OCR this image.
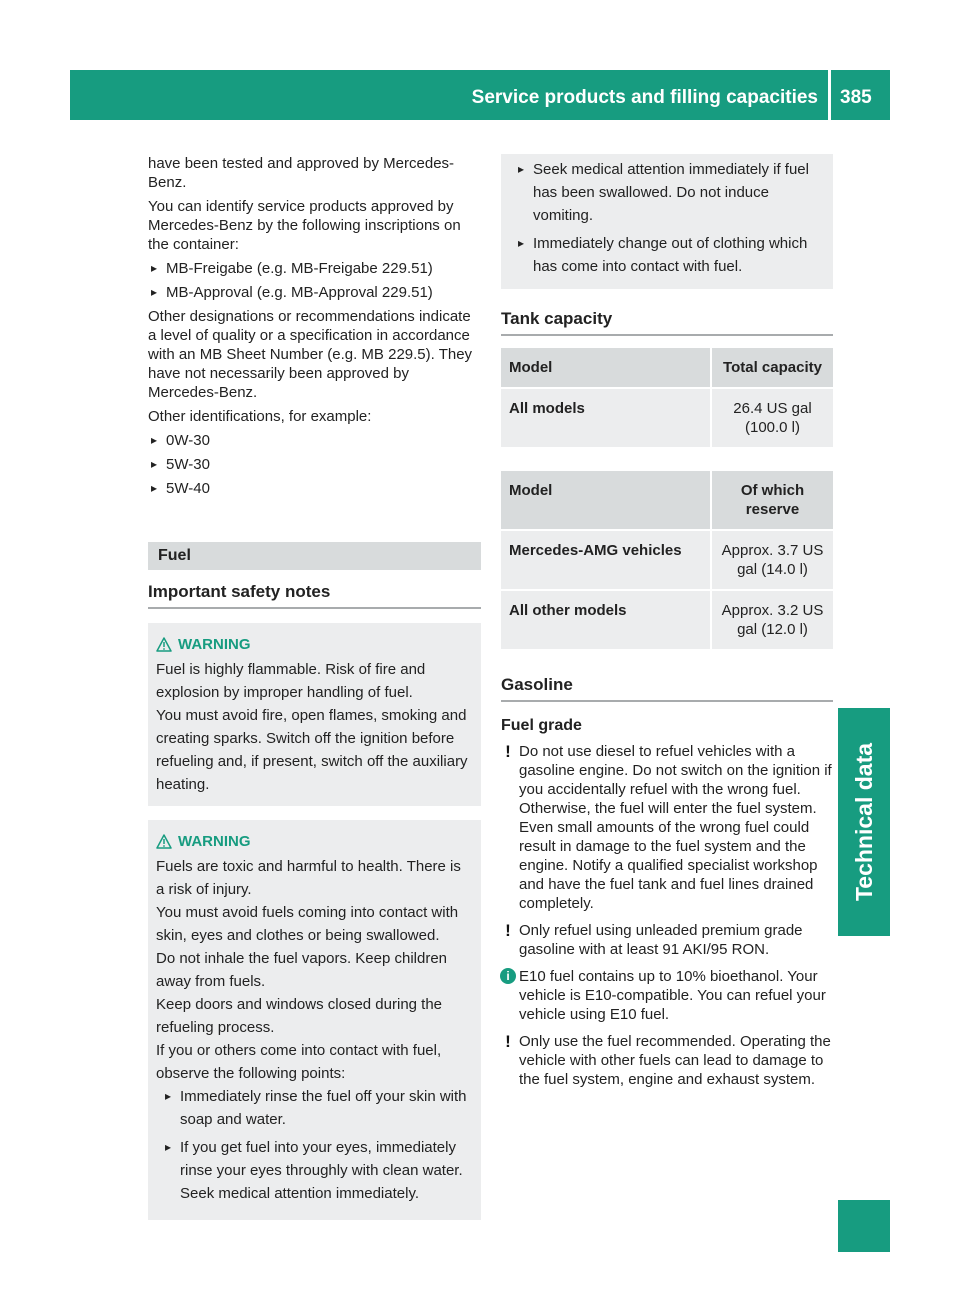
Service products and filling capacities 385
Technical data

have been tested and approved by Mercedes-Benz.

You can identify service products approved by Mercedes-Benz by the following inscriptions on the container:

▸ MB-Freigabe (e.g. MB-Freigabe 229.51)
▸ MB-Approval (e.g. MB-Approval 229.51)

Other designations or recommendations indicate a level of quality or a specification in accordance with an MB Sheet Number (e.g. MB 229.5). They have not necessarily been approved by Mercedes-Benz.

Other identifications, for example:

▸ 0W-30
▸ 5W-30
▸ 5W-40
Fuel
Important safety notes
WARNING

Fuel is highly flammable. Risk of fire and explosion by improper handling of fuel.

You must avoid fire, open flames, smoking and creating sparks. Switch off the ignition before refueling and, if present, switch off the auxiliary heating.

WARNING

Fuels are toxic and harmful to health. There is a risk of injury.

You must avoid fuels coming into contact with skin, eyes and clothes or being swallowed.

Do not inhale the fuel vapors. Keep children away from fuels.

Keep doors and windows closed during the refueling process.

If you or others come into contact with fuel, observe the following points:

▸ Immediately rinse the fuel off your skin with soap and water.
▸ If you get fuel into your eyes, immediately rinse your eyes throughly with clean water. Seek medical attention immediately.
▸ Seek medical attention immediately if fuel has been swallowed. Do not induce vomiting.
▸ Immediately change out of clothing which has come into contact with fuel.
Tank capacity
Model	Total capacity
All models	26.4 US gal (100.0 l)
Model	Of which reserve
Mercedes-AMG vehicles	Approx. 3.7 US gal (14.0 l)
All other models	Approx. 3.2 US gal (12.0 l)
Gasoline
Fuel grade
! Do not use diesel to refuel vehicles with a gasoline engine. Do not switch on the ignition if you accidentally refuel with the wrong fuel. Otherwise, the fuel will enter the fuel system. Even small amounts of the wrong fuel could result in damage to the fuel system and the engine. Notify a qualified specialist workshop and have the fuel tank and fuel lines drained completely.
! Only refuel using unleaded premium grade gasoline with at least 91 AKI/95 RON.
i E10 fuel contains up to 10% bioethanol. Your vehicle is E10-compatible. You can refuel your vehicle using E10 fuel.
! Only use the fuel recommended. Operating the vehicle with other fuels can lead to damage to the fuel system, engine and exhaust system.
